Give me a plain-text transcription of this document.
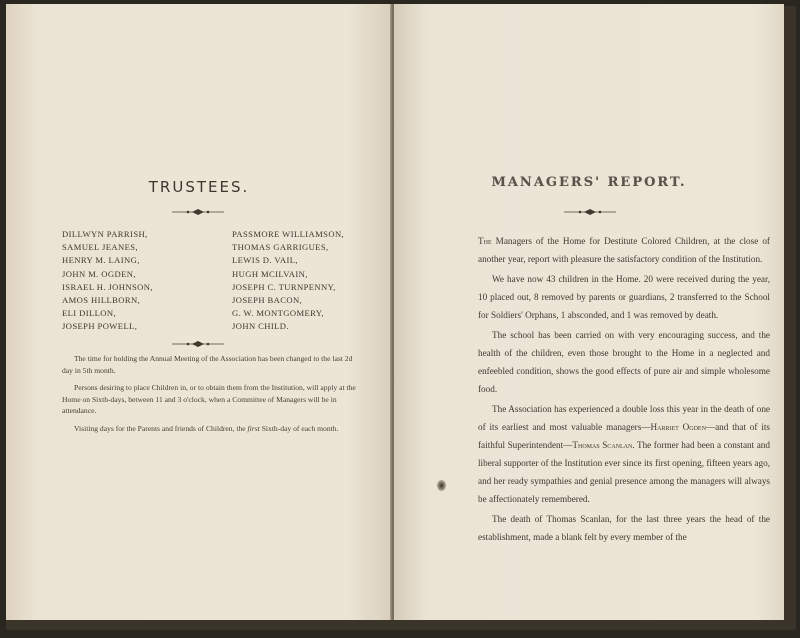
TRUSTEES.
DILLWYN PARRISH,
SAMUEL JEANES,
HENRY M. LAING,
JOHN M. OGDEN,
ISRAEL H. JOHNSON,
AMOS HILLBORN,
ELI DILLON,
JOSEPH POWELL,
PASSMORE WILLIAMSON,
THOMAS GARRIGUES,
LEWIS D. VAIL,
HUGH MCILVAIN,
JOSEPH C. TURNPENNY,
JOSEPH BACON,
G. W. MONTGOMERY,
JOHN CHILD.

The time for holding the Annual Meeting of the Association has been changed to the last 2d day in 5th month.

Persons desiring to place Children in, or to obtain them from the Institution, will apply at the Home on Sixth-days, between 11 and 3 o'clock, when a Committee of Managers will be in attendance.

Visiting days for the Parents and friends of Children, the first Sixth-day of each month.

MANAGERS' REPORT.

The Managers of the Home for Destitute Colored Children, at the close of another year, report with pleasure the satisfactory condition of the Institution.

We have now 43 children in the Home. 20 were received during the year, 10 placed out, 8 removed by parents or guardians, 2 transferred to the School for Soldiers' Orphans, 1 absconded, and 1 was removed by death.

The school has been carried on with very encouraging success, and the health of the children, even those brought to the Home in a neglected and enfeebled condition, shows the good effects of pure air and simple wholesome food.

The Association has experienced a double loss this year in the death of one of its earliest and most valuable managers—Harriet Ogden—and that of its faithful Superintendent—Thomas Scanlan. The former had been a constant and liberal supporter of the Institution ever since its first opening, fifteen years ago, and her ready sympathies and genial presence among the managers will always be affectionately remembered.

The death of Thomas Scanlan, for the last three years the head of the establishment, made a blank felt by every member of the
